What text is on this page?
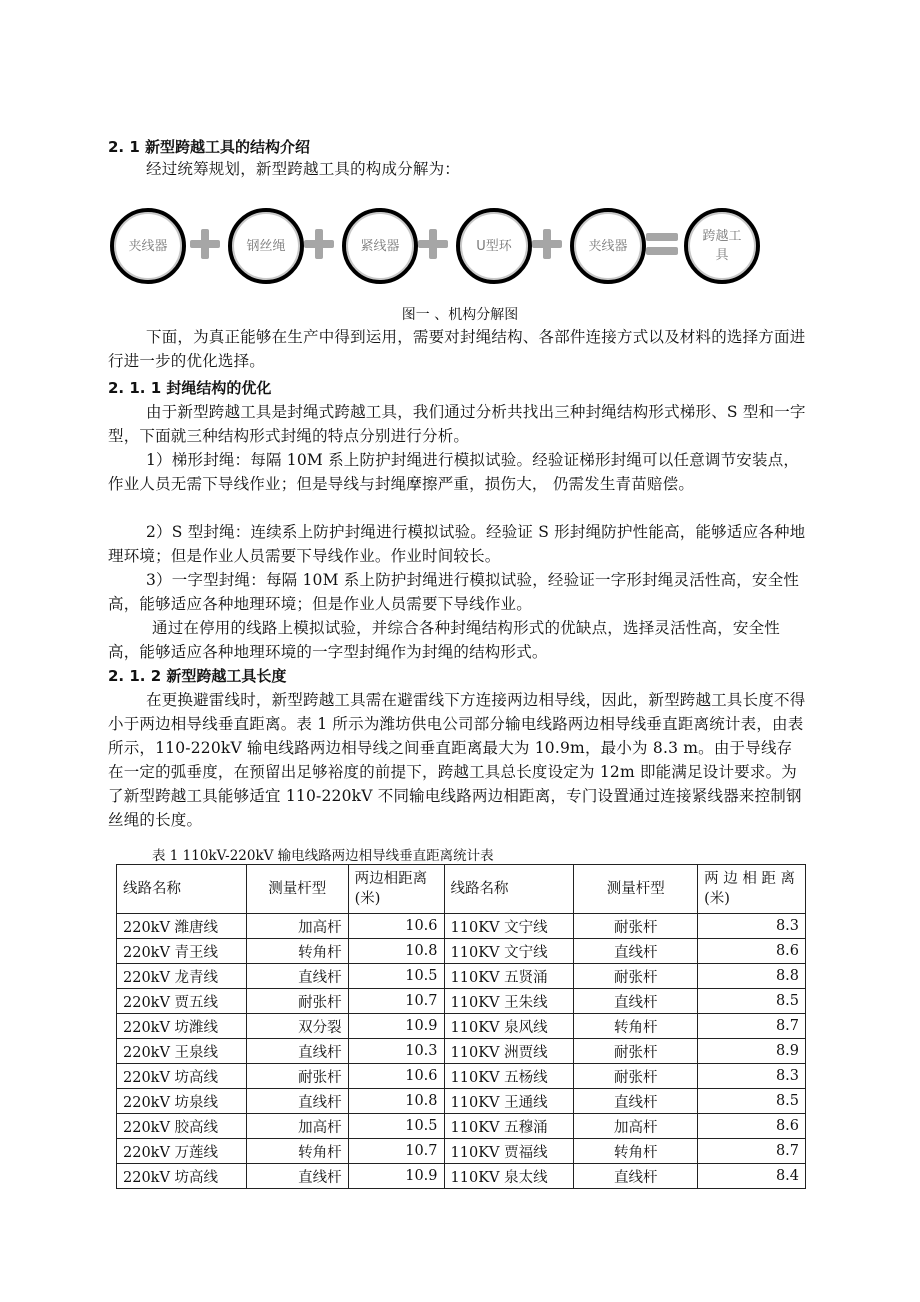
2. 1 新型跨越工具的结构介绍
经过统筹规划，新型跨越工具的构成分解为：
夹线器	钢丝绳	紧线器	U型环	夹线器
跨越工具
图一 、机构分解图
下面，为真正能够在生产中得到运用，需要对封绳结构、各部件连接方式以及材料的选择方面进行进一步的优化选择。
2. 1. 1 封绳结构的优化
由于新型跨越工具是封绳式跨越工具，我们通过分析共找出三种封绳结构形式梯形、S 型和一字型，下面就三种结构形式封绳的特点分别进行分析。
1）梯形封绳：每隔 10M 系上防护封绳进行模拟试验。经验证梯形封绳可以任意调节安装点，作业人员无需下导线作业；但是导线与封绳摩擦严重，损伤大， 仍需发生青苗赔偿。
2）S 型封绳：连续系上防护封绳进行模拟试验。经验证 S 形封绳防护性能高，能够适应各种地理环境；但是作业人员需要下导线作业。作业时间较长。
3）一字型封绳：每隔 10M 系上防护封绳进行模拟试验，经验证一字形封绳灵活性高，安全性高，能够适应各种地理环境；但是作业人员需要下导线作业。
通过在停用的线路上模拟试验，并综合各种封绳结构形式的优缺点，选择灵活性高，安全性高，能够适应各种地理环境的一字型封绳作为封绳的结构形式。
2. 1. 2 新型跨越工具长度
在更换避雷线时，新型跨越工具需在避雷线下方连接两边相导线，因此，新型跨越工具长度不得小于两边相导线垂直距离。表 1 所示为潍坊供电公司部分输电线路两边相导线垂直距离统计表，由表所示，110-220kV 输电线路两边相导线之间垂直距离最大为 10.9m，最小为 8.3 m。由于导线存在一定的弧垂度，在预留出足够裕度的前提下，跨越工具总长度设定为 12m 即能满足设计要求。为了新型跨越工具能够适宜 110-220kV 不同输电线路两边相距离，专门设置通过连接紧线器来控制钢丝绳的长度。
表 1 110kV-220kV 输电线路两边相导线垂直距离统计表
线路名称	测量杆型	两边相距离(米)	线路名称	测量杆型	两 边 相 距 离 (米)
220kV 潍唐线	加高杆	10.6	110KV 文宁线	耐张杆	8.3
220kV 青王线	转角杆	10.8	110KV 文宁线	直线杆	8.6
220kV 龙青线	直线杆	10.5	110KV 五贤涌	耐张杆	8.8
220kV 贾五线	耐张杆	10.7	110KV 王朱线	直线杆	8.5
220kV 坊潍线	双分裂	10.9	110KV 泉风线	转角杆	8.7
220kV 王泉线	直线杆	10.3	110KV 洲贾线	耐张杆	8.9
220kV 坊高线	耐张杆	10.6	110KV 五杨线	耐张杆	8.3
220kV 坊泉线	直线杆	10.8	110KV 王通线	直线杆	8.5
220kV 胶高线	加高杆	10.5	110KV 五穆涌	加高杆	8.6
220kV 万莲线	转角杆	10.7	110KV 贾福线	转角杆	8.7
220kV 坊高线	直线杆	10.9	110KV 泉太线	直线杆	8.4
